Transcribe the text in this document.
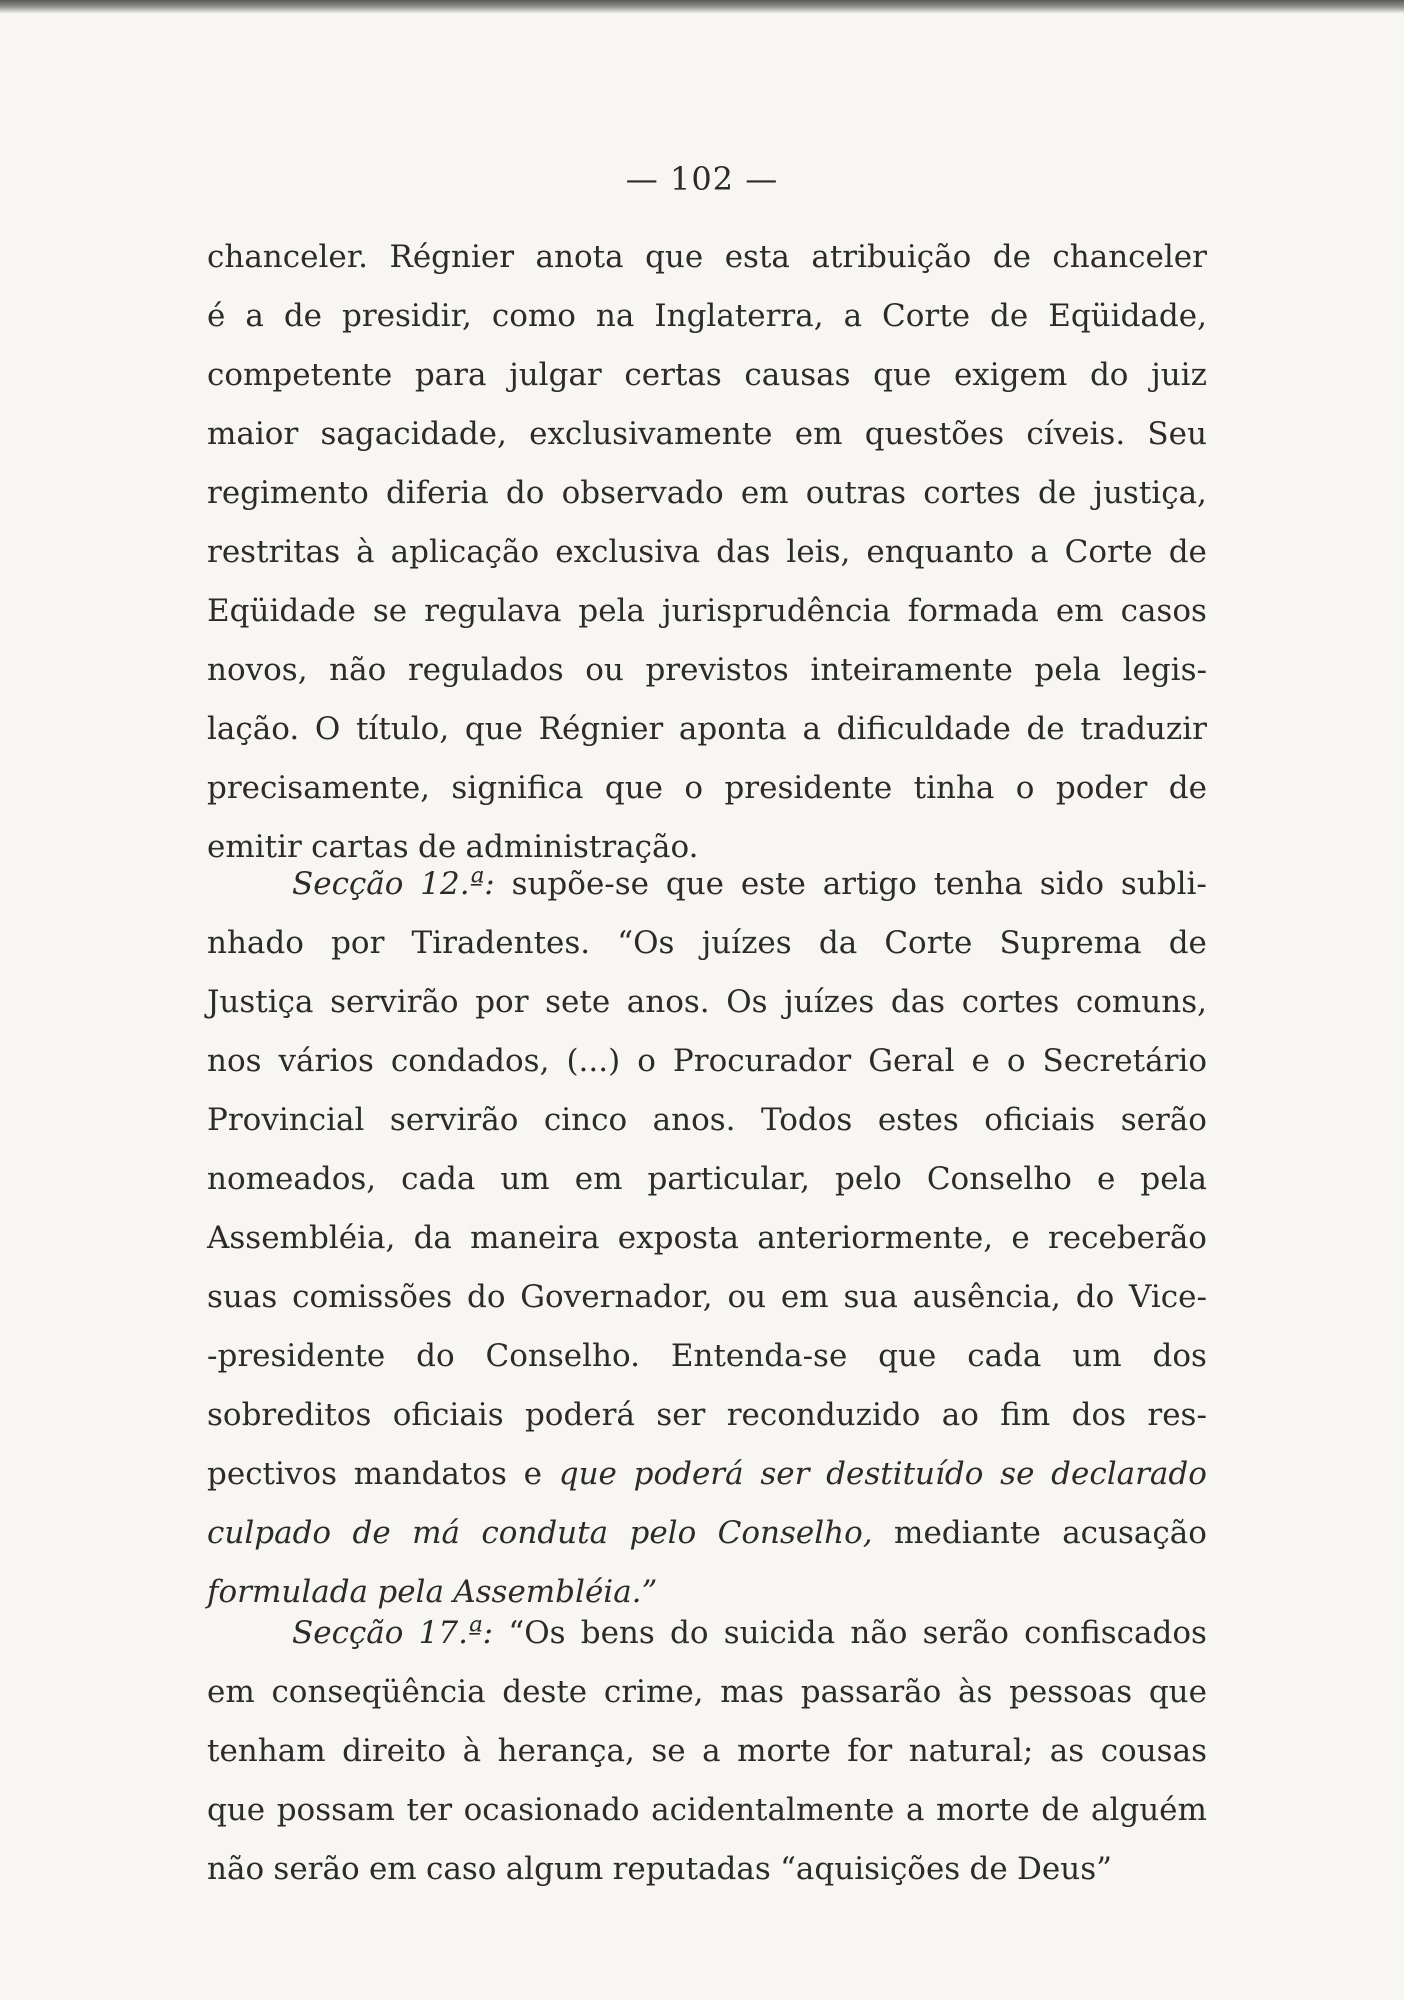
— 102 —
chanceler. Régnier anota que esta atribuição de chanceler
é a de presidir, como na Inglaterra, a Corte de Eqüidade,
competente para julgar certas causas que exigem do juiz
maior sagacidade, exclusivamente em questões cíveis. Seu
regimento diferia do observado em outras cortes de justiça,
restritas à aplicação exclusiva das leis, enquanto a Corte de
Eqüidade se regulava pela jurisprudência formada em casos
novos, não regulados ou previstos inteiramente pela legis-
lação. O título, que Régnier aponta a dificuldade de traduzir
precisamente, significa que o presidente tinha o poder de
emitir cartas de administração.
Secção 12.ª: supõe-se que este artigo tenha sido subli-
nhado por Tiradentes. “Os juízes da Corte Suprema de
Justiça servirão por sete anos. Os juízes das cortes comuns,
nos vários condados, (...) o Procurador Geral e o Secretário
Provincial servirão cinco anos. Todos estes oficiais serão
nomeados, cada um em particular, pelo Conselho e pela
Assembléia, da maneira exposta anteriormente, e receberão
suas comissões do Governador, ou em sua ausência, do Vice-
-presidente do Conselho. Entenda-se que cada um dos
sobreditos oficiais poderá ser reconduzido ao fim dos res-
pectivos mandatos e que poderá ser destituído se declarado
culpado de má conduta pelo Conselho, mediante acusação
formulada pela Assembléia.”
Secção 17.ª: “Os bens do suicida não serão confiscados
em conseqüência deste crime, mas passarão às pessoas que
tenham direito à herança, se a morte for natural; as cousas
que possam ter ocasionado acidentalmente a morte de alguém
não serão em caso algum reputadas “aquisições de Deus”
